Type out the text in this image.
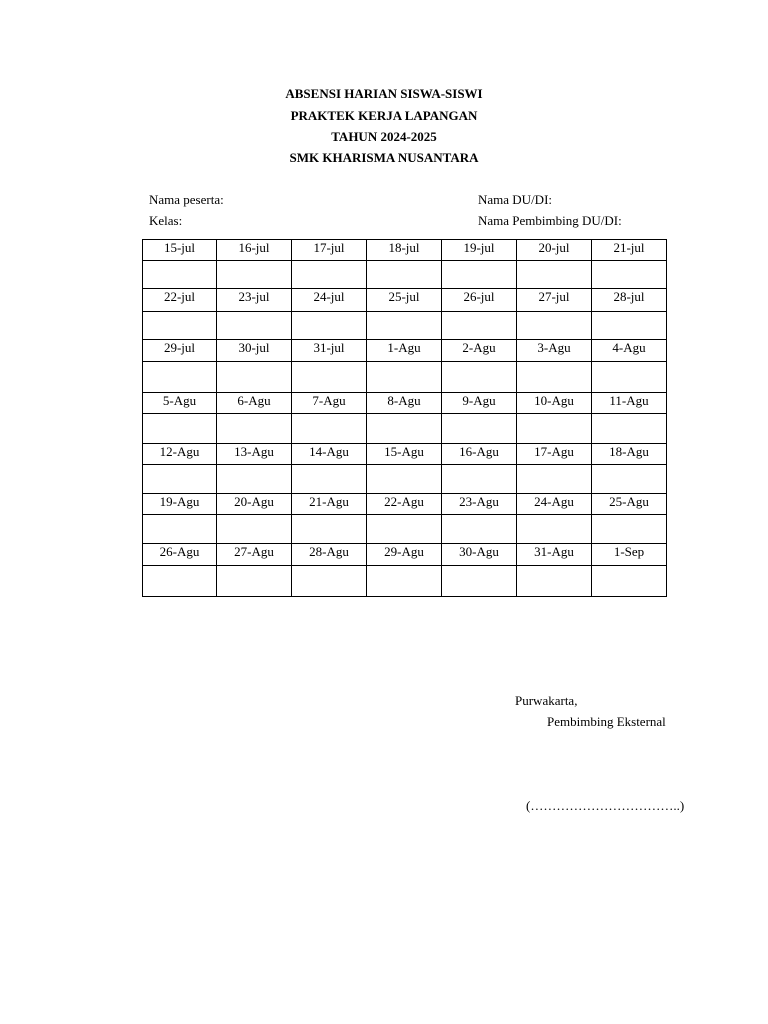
ABSENSI HARIAN SISWA-SISWI
PRAKTEK KERJA LAPANGAN
TAHUN 2024-2025
SMK KHARISMA NUSANTARA
Nama peserta:
Kelas:
Nama DU/DI:
Nama Pembimbing DU/DI:
15-jul	16-jul	17-jul	18-jul	19-jul	20-jul	21-jul

22-jul	23-jul	24-jul	25-jul	26-jul	27-jul	28-jul

29-jul	30-jul	31-jul	1-Agu	2-Agu	3-Agu	4-Agu

5-Agu	6-Agu	7-Agu	8-Agu	9-Agu	10-Agu	11-Agu

12-Agu	13-Agu	14-Agu	15-Agu	16-Agu	17-Agu	18-Agu

19-Agu	20-Agu	21-Agu	22-Agu	23-Agu	24-Agu	25-Agu

26-Agu	27-Agu	28-Agu	29-Agu	30-Agu	31-Agu	1-Sep

Purwakarta,
Pembimbing Eksternal
(……………………………..)
